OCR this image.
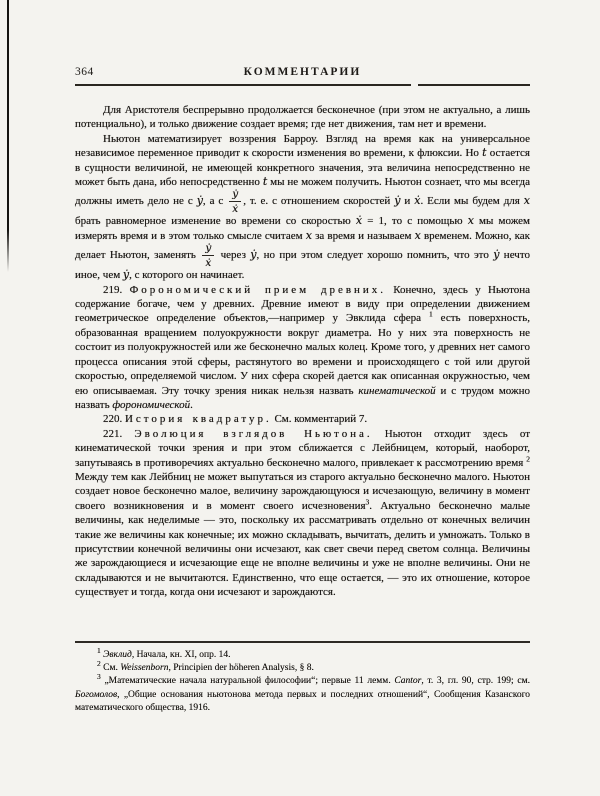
364	КОММЕНТАРИИ

Для Аристотеля беспрерывно продолжается бесконечное (при этом не актуально, а лишь потенциально), и только движение создает время; где нет движения, там нет и времени.

Ньютон математизирует воззрения Барроу. Взгляд на время как на универсальное независимое переменное приводит к скорости изменения во времени, к флюксии. Но t остается в сущности величиной, не имеющей конкретного значения, эта величина непосредственно не может быть дана, ибо непосредственно t мы не можем получить. Ньютон сознает, что мы всегда должны иметь дело не с ẏ, а с $\frac{\text{ẏ}}{\text{ẋ}}$ , т. е. с отношением скоростей ẏ и ẋ. Если мы будем для x брать равномерное изменение во времени со скоростью ẋ = 1, то с помощью x мы можем измерять время и в этом только смысле считаем x за время и называем x временем. Можно, как делает Ньютон, заменять $\frac{\text{ẏ}}{\text{ẋ}}$ через ẏ, но при этом следует хорошо помнить, что это ẏ нечто иное, чем ẏ, с которого он начинает.

219. Форономический прием древних. Конечно, здесь у Ньютона содержание богаче, чем у древних. Древние имеют в виду при определении движением геометрическое определение объектов,—например у Эвклида сфера $^1$ есть поверхность, образованная вращением полуокружности вокруг диаметра. Но у них эта поверхность не состоит из полуокружностей или же бесконечно малых колец. Кроме того, у древних нет самого процесса описания этой сферы, растянутого во времени и происходящего с той или другой скоростью, определяемой числом. У них сфера скорей дается как описанная окружностью, чем ею описываемая. Эту точку зрения никак нельзя назвать кинематической и с трудом можно назвать форономической.

220. История квадратур. См. комментарий 7.

221. Эволюция взглядов Ньютона. Ньютон отходит здесь от кинематической точки зрения и при этом сближается с Лейбницем, который, наоборот, запутываясь в противоречиях актуально бесконечно малого, привлекает к рассмотрению время $^2$ Между тем как Лейбниц не может выпутаться из старого актуально бесконечно малого. Ньютон создает новое бесконечно малое, величину зарождающуюся и исчезающую, величину в момент своего возникновения и в момент своего исчезновения$^3$. Актуально бесконечно малые величины, как неделимые — это, поскольку их рассматривать отдельно от конечных величин такие же величины как конечные; их можно складывать, вычитать, делить и умножать. Только в присутствии конечной величины они исчезают, как свет свечи перед светом солнца. Величины же зарождающиеся и исчезающие еще не вполне величины и уже не вполне величины. Они не складываются и не вычитаются. Единственно, что еще остается, — это их отношение, которое существует и тогда, когда они исчезают и зарождаются.

$^1$ Эвклид, Начала, кн. XI, опр. 14.

$^2$ См. Weissenborn, Principien der höheren Analysis, § 8.

$^3$ „Математические начала натуральной философии“; первые 11 лемм. Cantor, т. 3, гл. 90, стр. 199; см. Богомолов, „Общие основания ньютонова метода первых и последних отношений“, Сообщения Казанского математического общества, 1916.
